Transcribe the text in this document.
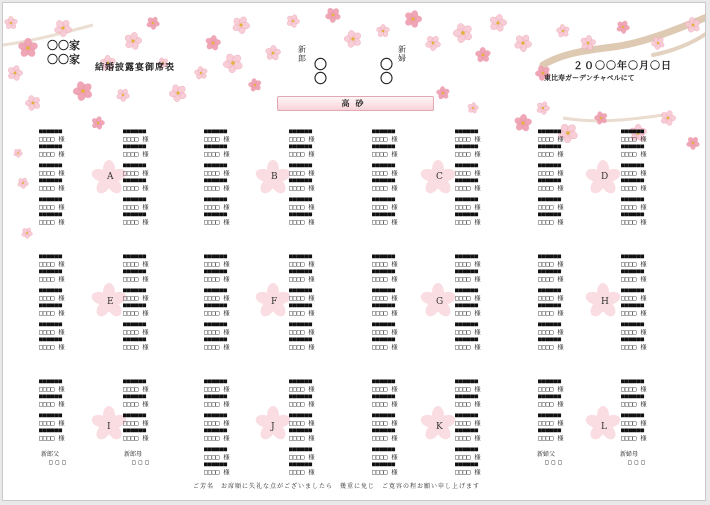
〇〇家
〇〇家
結婚披露宴御席表
新郎 〇〇
新婦
〇〇
２０〇〇年〇月〇日
東比寿ガーデンチャペルにて
高砂
■■■■■■
□□□□ 様
■■■■■■
□□□□ 様
■■■■■■
□□□□ 様
■■■■■■
□□□□ 様
■■■■■■
□□□□ 様
■■■■■■
□□□□ 様
■■■■■■
□□□□ 様
■■■■■■
□□□□ 様
■■■■■■
□□□□ 様
■■■■■■
□□□□ 様
■■■■■■
□□□□ 様
■■■■■■
□□□□ 様
■■■■■■
□□□□ 様
■■■■■■
□□□□ 様
■■■■■■
□□□□ 様
■■■■■■
□□□□ 様
■■■■■■
□□□□ 様
■■■■■■
□□□□ 様
■■■■■■
□□□□ 様
■■■■■■
□□□□ 様
■■■■■■
□□□□ 様
■■■■■■
□□□□ 様
■■■■■■
□□□□ 様
■■■■■■
□□□□ 様
■■■■■■
□□□□ 様
■■■■■■
□□□□ 様
■■■■■■
□□□□ 様
■■■■■■
□□□□ 様
■■■■■■
□□□□ 様
■■■■■■
□□□□ 様
■■■■■■
□□□□ 様
■■■■■■
□□□□ 様
■■■■■■
□□□□ 様
■■■■■■
□□□□ 様
■■■■■■
□□□□ 様
■■■■■■
□□□□ 様
■■■■■■
□□□□ 様
■■■■■■
□□□□ 様
■■■■■■
□□□□ 様
■■■■■■
□□□□ 様
■■■■■■
□□□□ 様
■■■■■■
□□□□ 様
■■■■■■
□□□□ 様
■■■■■■
□□□□ 様
■■■■■■
□□□□ 様
■■■■■■
□□□□ 様
■■■■■■
□□□□ 様
■■■■■■
□□□□ 様
A	B	C	D
■■■■■■
□□□□ 様
■■■■■■
□□□□ 様
■■■■■■
□□□□ 様
■■■■■■
□□□□ 様
■■■■■■
□□□□ 様
■■■■■■
□□□□ 様
■■■■■■
□□□□ 様
■■■■■■
□□□□ 様
■■■■■■
□□□□ 様
■■■■■■
□□□□ 様
■■■■■■
□□□□ 様
■■■■■■
□□□□ 様
■■■■■■
□□□□ 様
■■■■■■
□□□□ 様
■■■■■■
□□□□ 様
■■■■■■
□□□□ 様
■■■■■■
□□□□ 様
■■■■■■
□□□□ 様
■■■■■■
□□□□ 様
■■■■■■
□□□□ 様
■■■■■■
□□□□ 様
■■■■■■
□□□□ 様
■■■■■■
□□□□ 様
■■■■■■
□□□□ 様
■■■■■■
□□□□ 様
■■■■■■
□□□□ 様
■■■■■■
□□□□ 様
■■■■■■
□□□□ 様
■■■■■■
□□□□ 様
■■■■■■
□□□□ 様
■■■■■■
□□□□ 様
■■■■■■
□□□□ 様
■■■■■■
□□□□ 様
■■■■■■
□□□□ 様
■■■■■■
□□□□ 様
■■■■■■
□□□□ 様
■■■■■■
□□□□ 様
■■■■■■
□□□□ 様
■■■■■■
□□□□ 様
■■■■■■
□□□□ 様
■■■■■■
□□□□ 様
■■■■■■
□□□□ 様
■■■■■■
□□□□ 様
■■■■■■
□□□□ 様
■■■■■■
□□□□ 様
■■■■■■
□□□□ 様
■■■■■■
□□□□ 様
■■■■■■
□□□□ 様
E	F	G	H
■■■■■■
□□□□ 様
■■■■■■
□□□□ 様
■■■■■■
□□□□ 様
■■■■■■
□□□□ 様
■■■■■■
□□□□ 様
■■■■■■
□□□□ 様
■■■■■■
□□□□ 様
■■■■■■
□□□□ 様
■■■■■■
□□□□ 様
■■■■■■
□□□□ 様
■■■■■■
□□□□ 様
■■■■■■
□□□□ 様
■■■■■■
□□□□ 様
■■■■■■
□□□□ 様
■■■■■■
□□□□ 様
■■■■■■
□□□□ 様
■■■■■■
□□□□ 様
■■■■■■
□□□□ 様
■■■■■■
□□□□ 様
■■■■■■
□□□□ 様
■■■■■■
□□□□ 様
■■■■■■
□□□□ 様
■■■■■■
□□□□ 様
■■■■■■
□□□□ 様
■■■■■■
□□□□ 様
■■■■■■
□□□□ 様
■■■■■■
□□□□ 様
■■■■■■
□□□□ 様
■■■■■■
□□□□ 様
■■■■■■
□□□□ 様
■■■■■■
□□□□ 様
■■■■■■
□□□□ 様
■■■■■■
□□□□ 様
■■■■■■
□□□□ 様
■■■■■■
□□□□ 様
■■■■■■
□□□□ 様
■■■■■■
□□□□ 様
■■■■■■
□□□□ 様
■■■■■■
□□□□ 様
■■■■■■
□□□□ 様
I	J	K	L
新郎父
□□□
新郎母
□□□
新婦父
□□□
新婦母
□□□
ご芳名　お席順に失礼な点がございましたら　幾重に免じ　ご寛容の程お願い申し上げます
